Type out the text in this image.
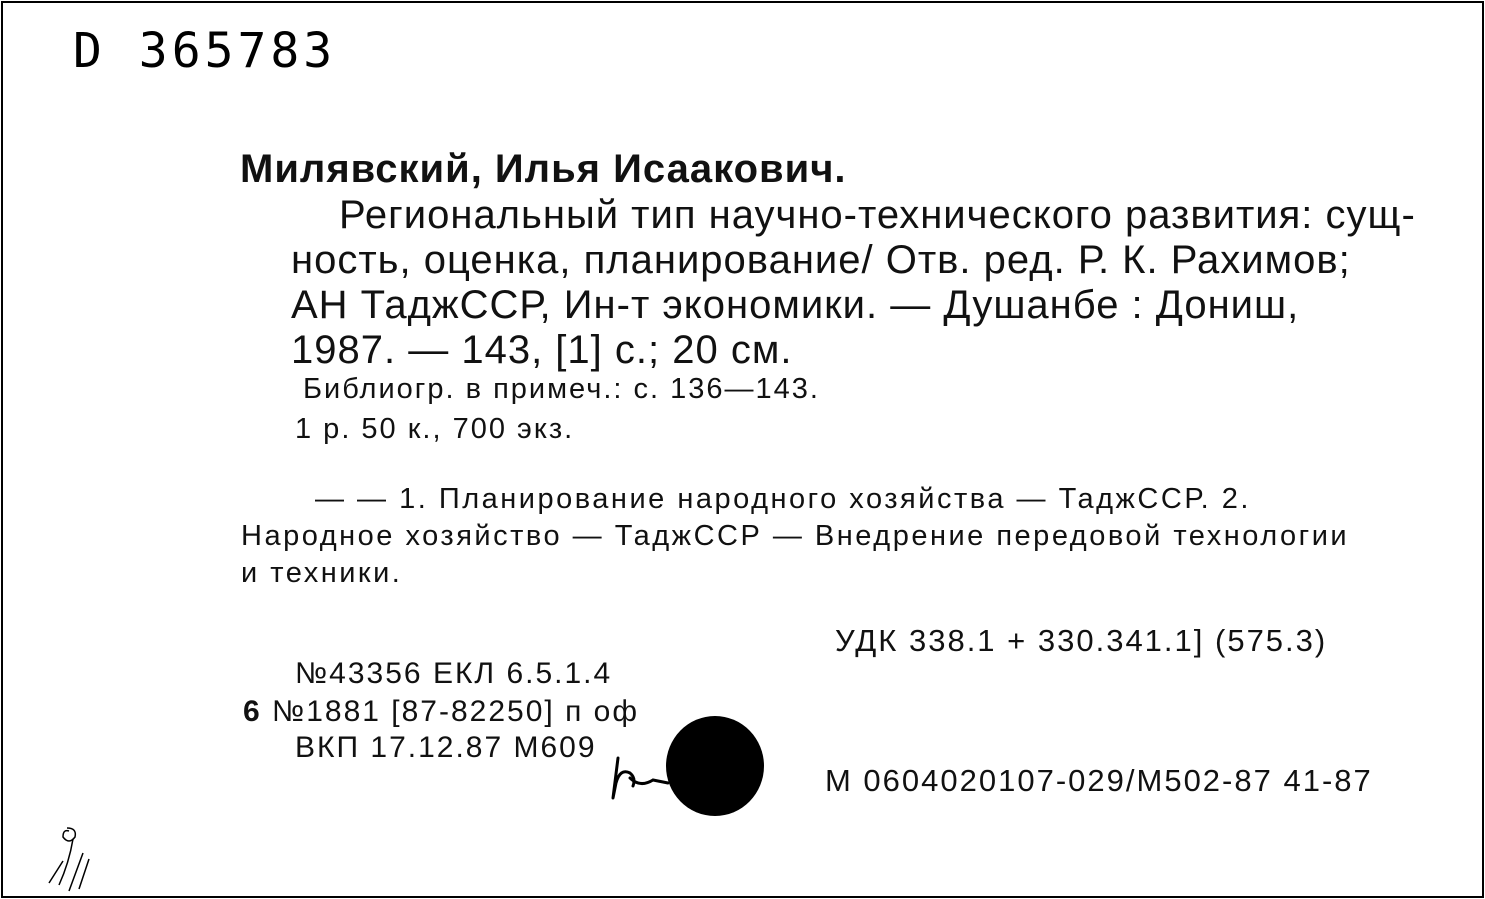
D 365783
Милявский, Илья Исаакович.
Региональный тип научно-технического развития: сущ-
ность, оценка, планирование/ Отв. ред. Р. К. Рахимов;
АН ТаджССР, Ин-т экономики. — Душанбе : Дониш,
1987. — 143, [1] с.; 20 см.
Библиогр. в примеч.: с. 136—143.
1 р. 50 к., 700 экз.
— — 1. Планирование народного хозяйства — ТаджССР. 2.
Народное хозяйство — ТаджССР — Внедрение передовой технологии
и техники.
УДК 338.1 + 330.341.1] (575.3)
№43356 ЕКЛ 6.5.1.4
6 №1881 [87-82250] п оф
ВКП 17.12.87 М609
М 0604020107-029/М502-87 41-87
